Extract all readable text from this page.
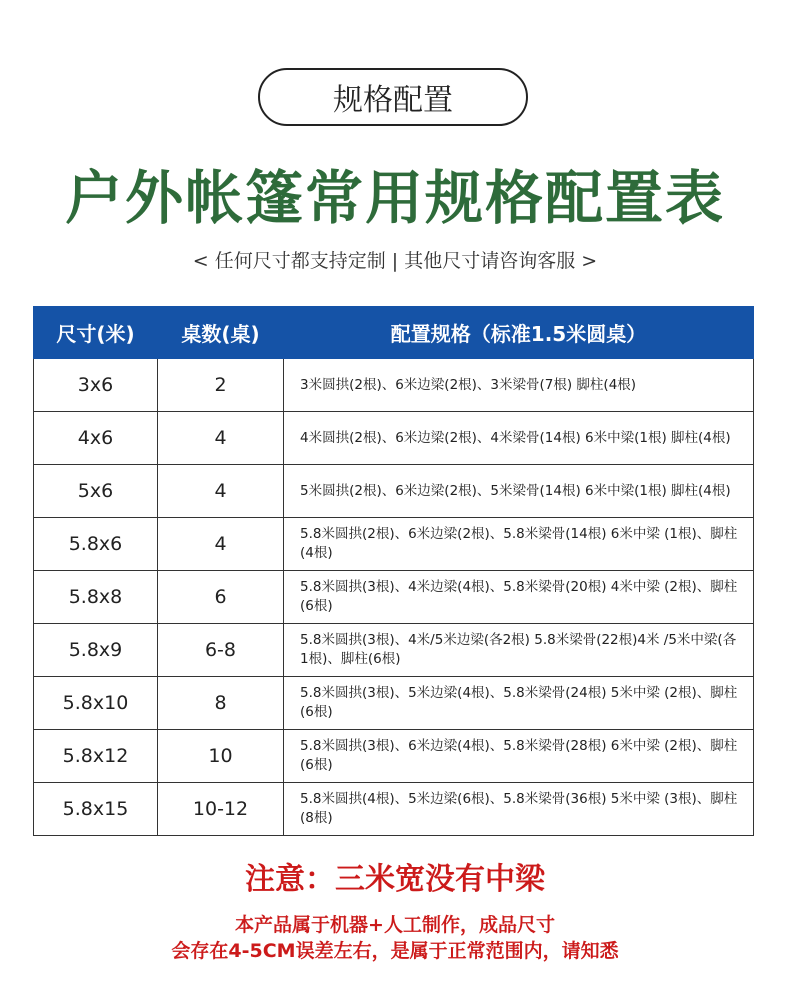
规格配置
户外帐篷常用规格配置表
< 任何尺寸都支持定制 | 其他尺寸请咨询客服 >
尺寸(米)	桌数(桌)	配置规格（标准1.5米圆桌）
3x6	2	3米圆拱(2根)、6米边梁(2根)、3米梁骨(7根) 脚柱(4根)
4x6	4	4米圆拱(2根)、6米边梁(2根)、4米梁骨(14根) 6米中梁(1根) 脚柱(4根)
5x6	4	5米圆拱(2根)、6米边梁(2根)、5米梁骨(14根) 6米中梁(1根) 脚柱(4根)
5.8x6	4	5.8米圆拱(2根)、6米边梁(2根)、5.8米梁骨(14根) 6米中梁 (1根)、脚柱(4根)
5.8x8	6	5.8米圆拱(3根)、4米边梁(4根)、5.8米梁骨(20根) 4米中梁 (2根)、脚柱(6根)
5.8x9	6-8	5.8米圆拱(3根)、4米/5米边梁(各2根) 5.8米梁骨(22根)4米 /5米中梁(各1根)、脚柱(6根)
5.8x10	8	5.8米圆拱(3根)、5米边梁(4根)、5.8米梁骨(24根) 5米中梁 (2根)、脚柱(6根)
5.8x12	10	5.8米圆拱(3根)、6米边梁(4根)、5.8米梁骨(28根) 6米中梁 (2根)、脚柱(6根)
5.8x15	10-12	5.8米圆拱(4根)、5米边梁(6根)、5.8米梁骨(36根) 5米中梁 (3根)、脚柱(8根)
注意：三米宽没有中梁
本产品属于机器+人工制作，成品尺寸
会存在4-5CM误差左右，是属于正常范围内，请知悉
